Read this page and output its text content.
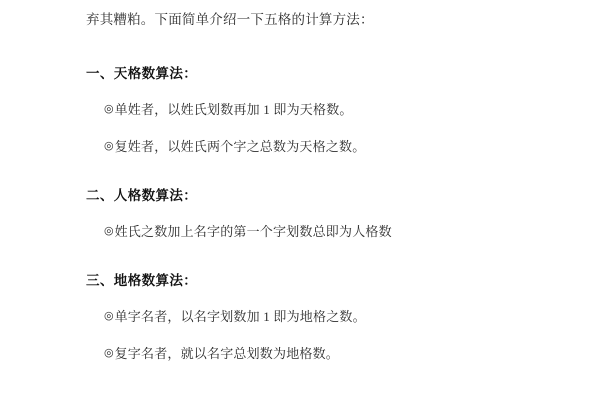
弃其糟粕。下面简单介绍一下五格的计算方法：
一、天格数算法：
◎ 单姓者，以姓氏划数再加 1 即为天格数。
◎ 复姓者，以姓氏两个字之总数为天格之数。
二、人格数算法：
◎ 姓氏之数加上名字的第一个字划数总即为人格数
三、地格数算法：
◎ 单字名者，以名字划数加 1 即为地格之数。
◎ 复字名者，就以名字总划数为地格数。
